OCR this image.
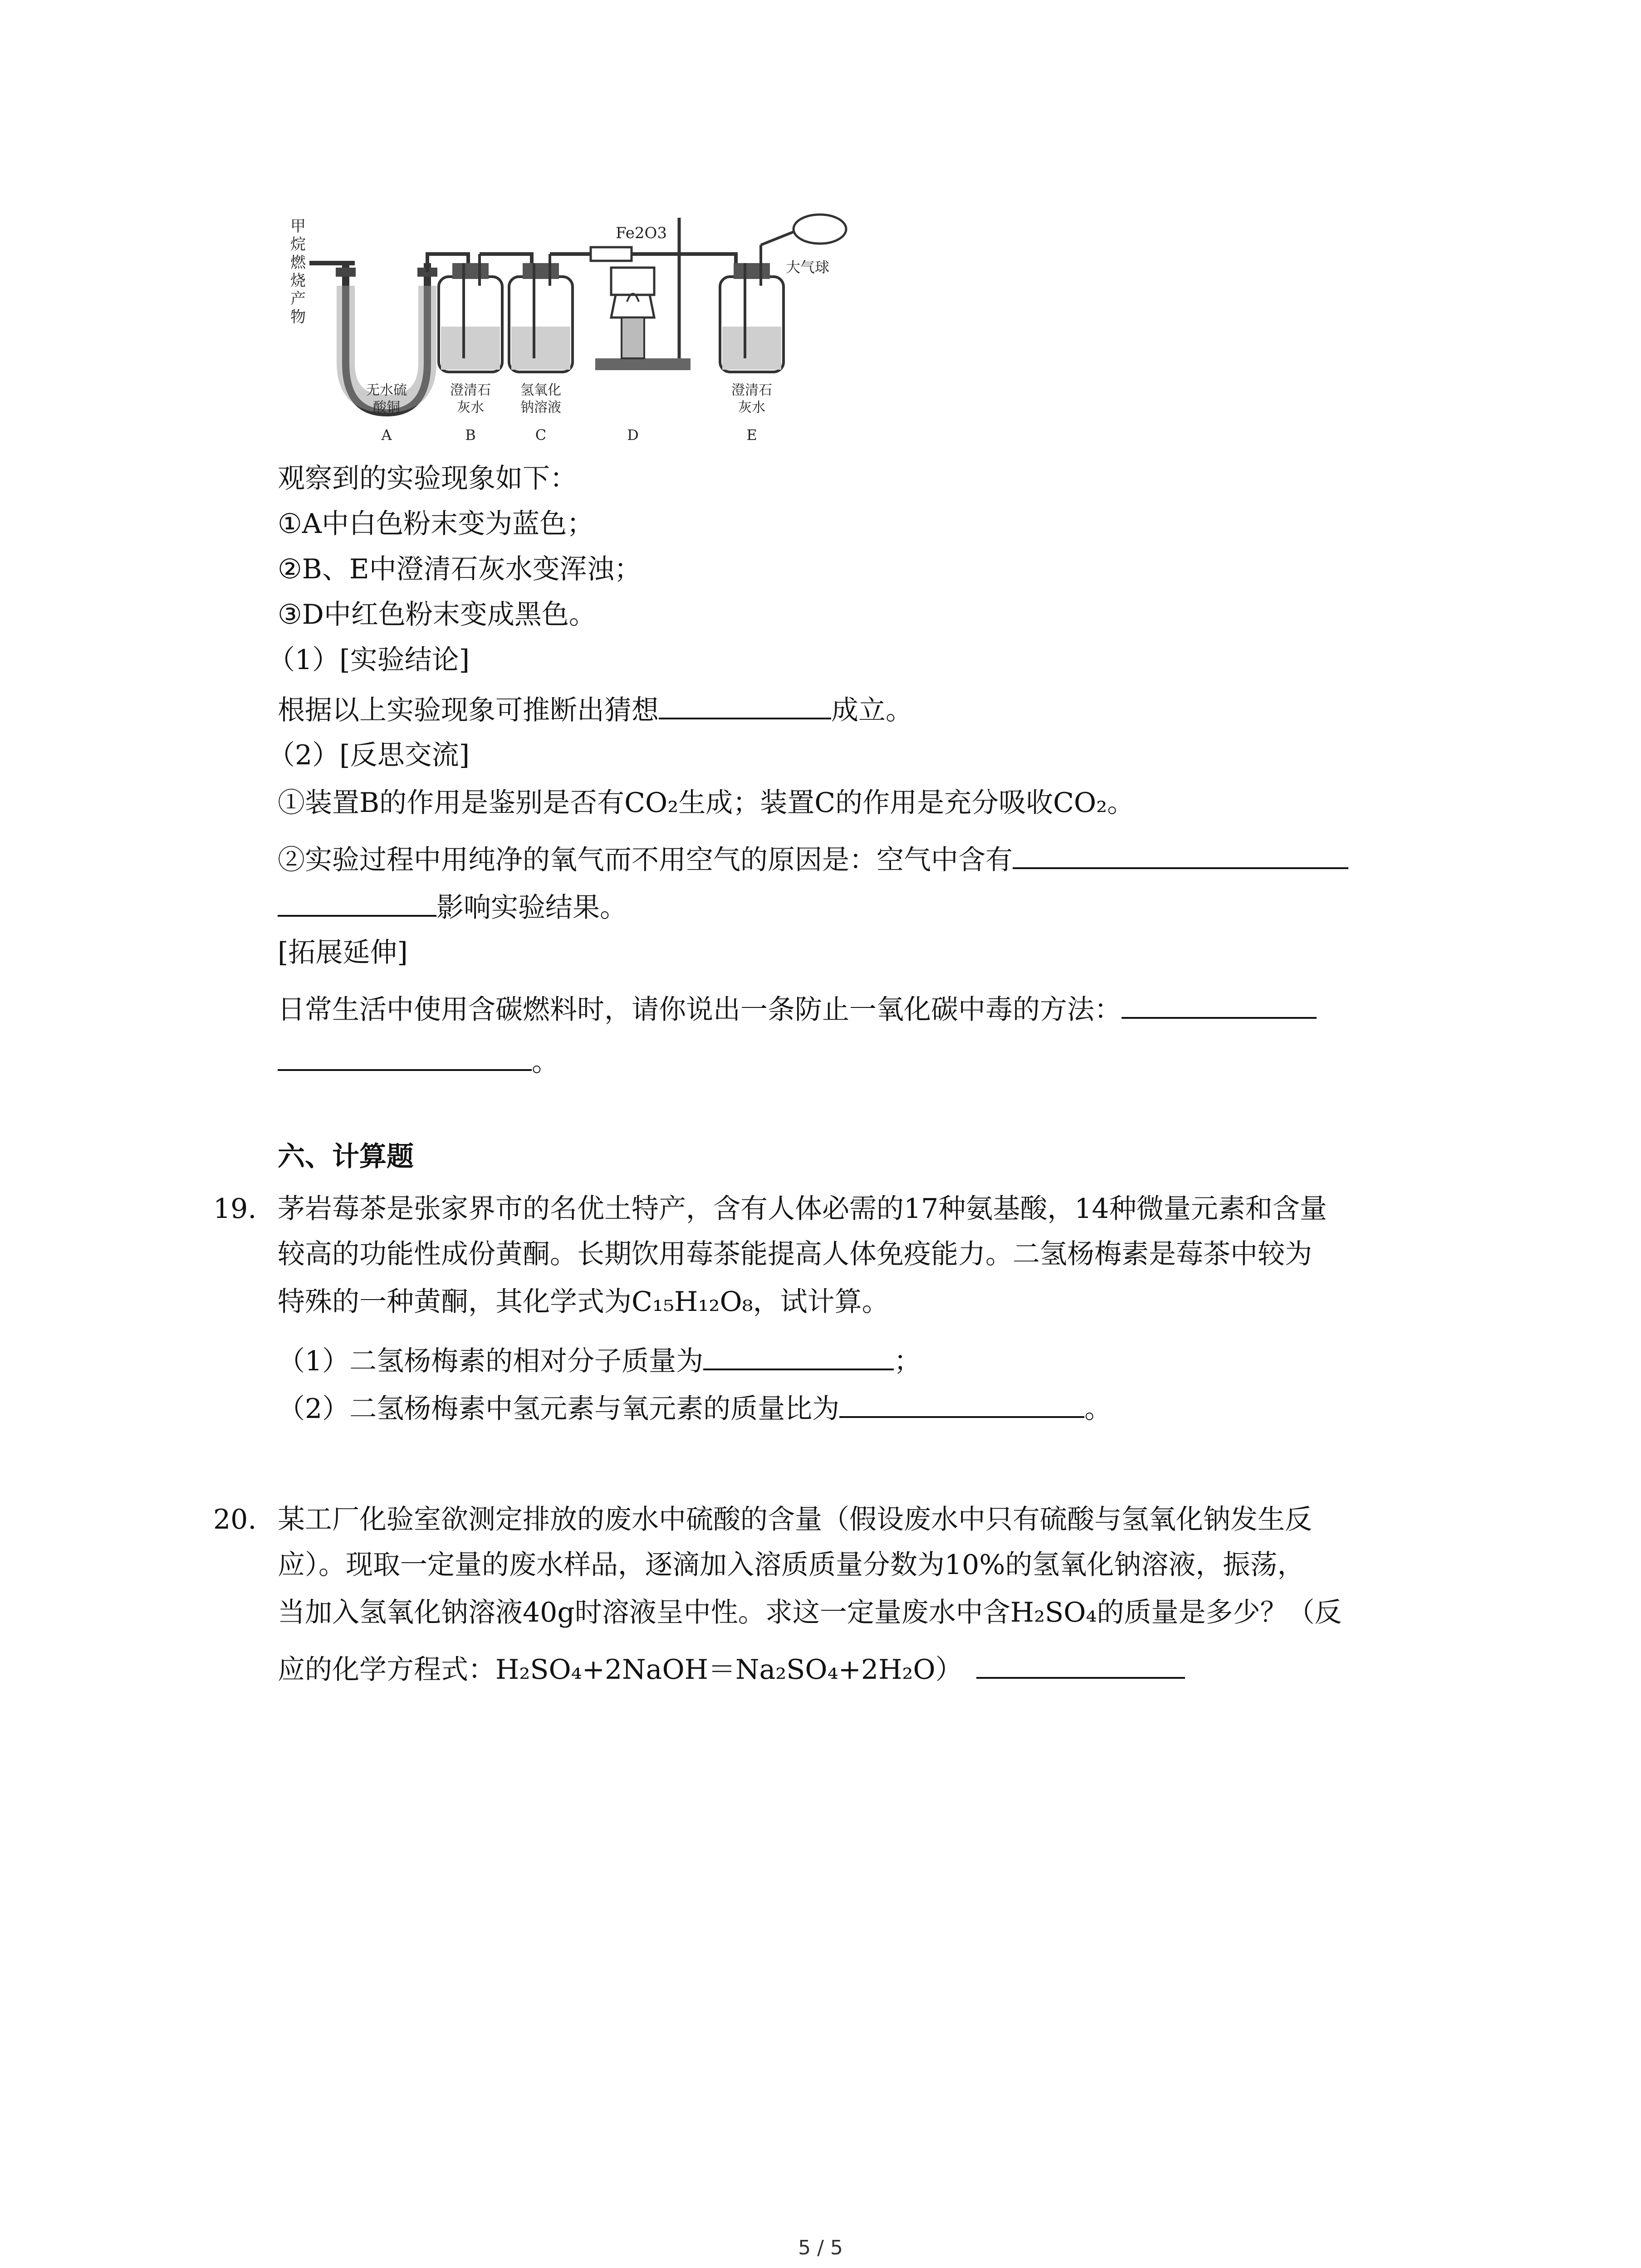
甲烷燃烧产物
Fe2O3
大气球
无水硫酸铜
A
澄清石灰水
B
氢氧化钠溶液
C	D
澄清石灰水
E
观察到的实验现象如下：
①A中白色粉末变为蓝色；
②B、E中澄清石灰水变浑浊；
③D中红色粉末变成黑色。
（1）[实验结论]
根据以上实验现象可推断出猜想	成立。
（2）[反思交流]
①装置B的作用是鉴别是否有CO₂生成；装置C的作用是充分吸收CO₂。
②实验过程中用纯净的氧气而不用空气的原因是：空气中含有
影响实验结果。
[拓展延伸]
日常生活中使用含碳燃料时，请你说出一条防止一氧化碳中毒的方法：
。
六、计算题
19. 茅岩莓茶是张家界市的名优土特产，含有人体必需的17种氨基酸，14种微量元素和含量
较高的功能性成份黄酮。长期饮用莓茶能提高人体免疫能力。二氢杨梅素是莓茶中较为
特殊的一种黄酮，其化学式为C₁₅H₁₂O₈，试计算。
（1）二氢杨梅素的相对分子质量为	；
（2）二氢杨梅素中氢元素与氧元素的质量比为	。
20. 某工厂化验室欲测定排放的废水中硫酸的含量（假设废水中只有硫酸与氢氧化钠发生反
应）。现取一定量的废水样品，逐滴加入溶质质量分数为10%的氢氧化钠溶液，振荡，
当加入氢氧化钠溶液40g时溶液呈中性。求这一定量废水中含H₂SO₄的质量是多少？（反
应的化学方程式：H₂SO₄+2NaOH＝Na₂SO₄+2H₂O）
5 / 5
